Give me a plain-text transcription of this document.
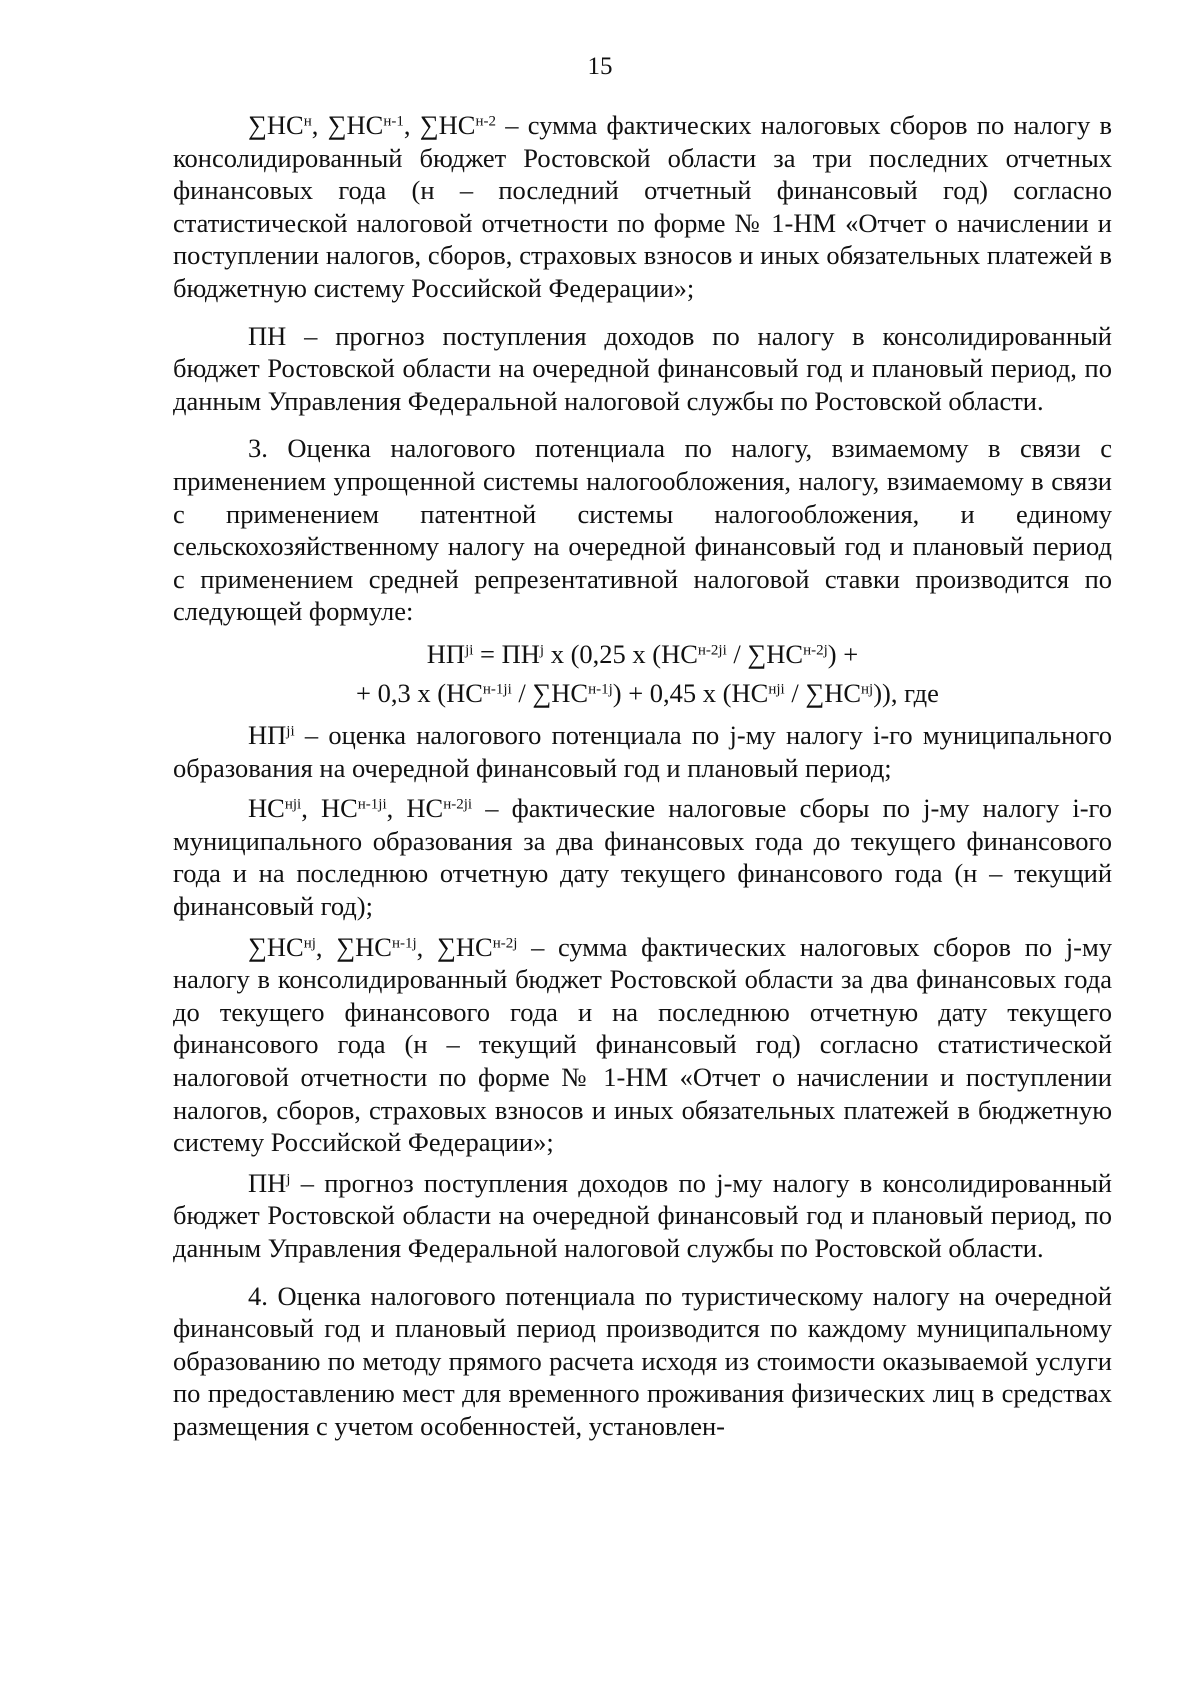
15

$\sum НС^н$, $\sum НС^{н-1}$, $\sum НС^{н-2}$ – сумма фактических налоговых сборов по налогу в консолидированный бюджет Ростовской области за три последних отчетных финансовых года (н – последний отчетный финансовый год) согласно статистической налоговой отчетности по форме № 1-НМ «Отчет о начислении и поступлении налогов, сборов, страховых взносов и иных обязательных платежей в бюджетную систему Российской Федерации»;

ПН – прогноз поступления доходов по налогу в консолидированный бюджет Ростовской области на очередной финансовый год и плановый период, по данным Управления Федеральной налоговой службы по Ростовской области.

3. Оценка налогового потенциала по налогу, взимаемому в связи с применением упрощенной системы налогообложения, налогу, взимаемому в связи с применением патентной системы налогообложения, и единому сельскохозяйственному налогу на очередной финансовый год и плановый период с применением средней репрезентативной налоговой ставки производится по следующей формуле:

$НП^{ji} = ПН^j$ х (0,25 х $(НС^{н-2ji} / \sum НС^{н-2j})$ +

+ 0,3 х $(НС^{н-1ji} / \sum НС^{н-1j}) + 0,45$ х $(НС^{нji} / \sum НС^{нj})$), где

$НП^{ji}$ – оценка налогового потенциала по j-му налогу i-го муниципального образования на очередной финансовый год и плановый период;

$НС^{нji}$, $НС^{н-1ji}$, $НС^{н-2ji}$ – фактические налоговые сборы по j-му налогу i-го муниципального образования за два финансовых года до текущего финансового года и на последнюю отчетную дату текущего финансового года (н – текущий финансовый год);

$\sum НС^{нj}$, $\sum НС^{н-1j}$, $\sum НС^{н-2j}$ – сумма фактических налоговых сборов по j-му налогу в консолидированный бюджет Ростовской области за два финансовых года до текущего финансового года и на последнюю отчетную дату текущего финансового года (н – текущий финансовый год) согласно статистической налоговой отчетности по форме № 1-НМ «Отчет о начислении и поступлении налогов, сборов, страховых взносов и иных обязательных платежей в бюджетную систему Российской Федерации»;

$ПН^j$ – прогноз поступления доходов по j-му налогу в консолидированный бюджет Ростовской области на очередной финансовый год и плановый период, по данным Управления Федеральной налоговой службы по Ростовской области.

4. Оценка налогового потенциала по туристическому налогу на очередной финансовый год и плановый период производится по каждому муниципальному образованию по методу прямого расчета исходя из стоимости оказываемой услуги по предоставлению мест для временного проживания физических лиц в средствах размещения с учетом особенностей, установлен-
